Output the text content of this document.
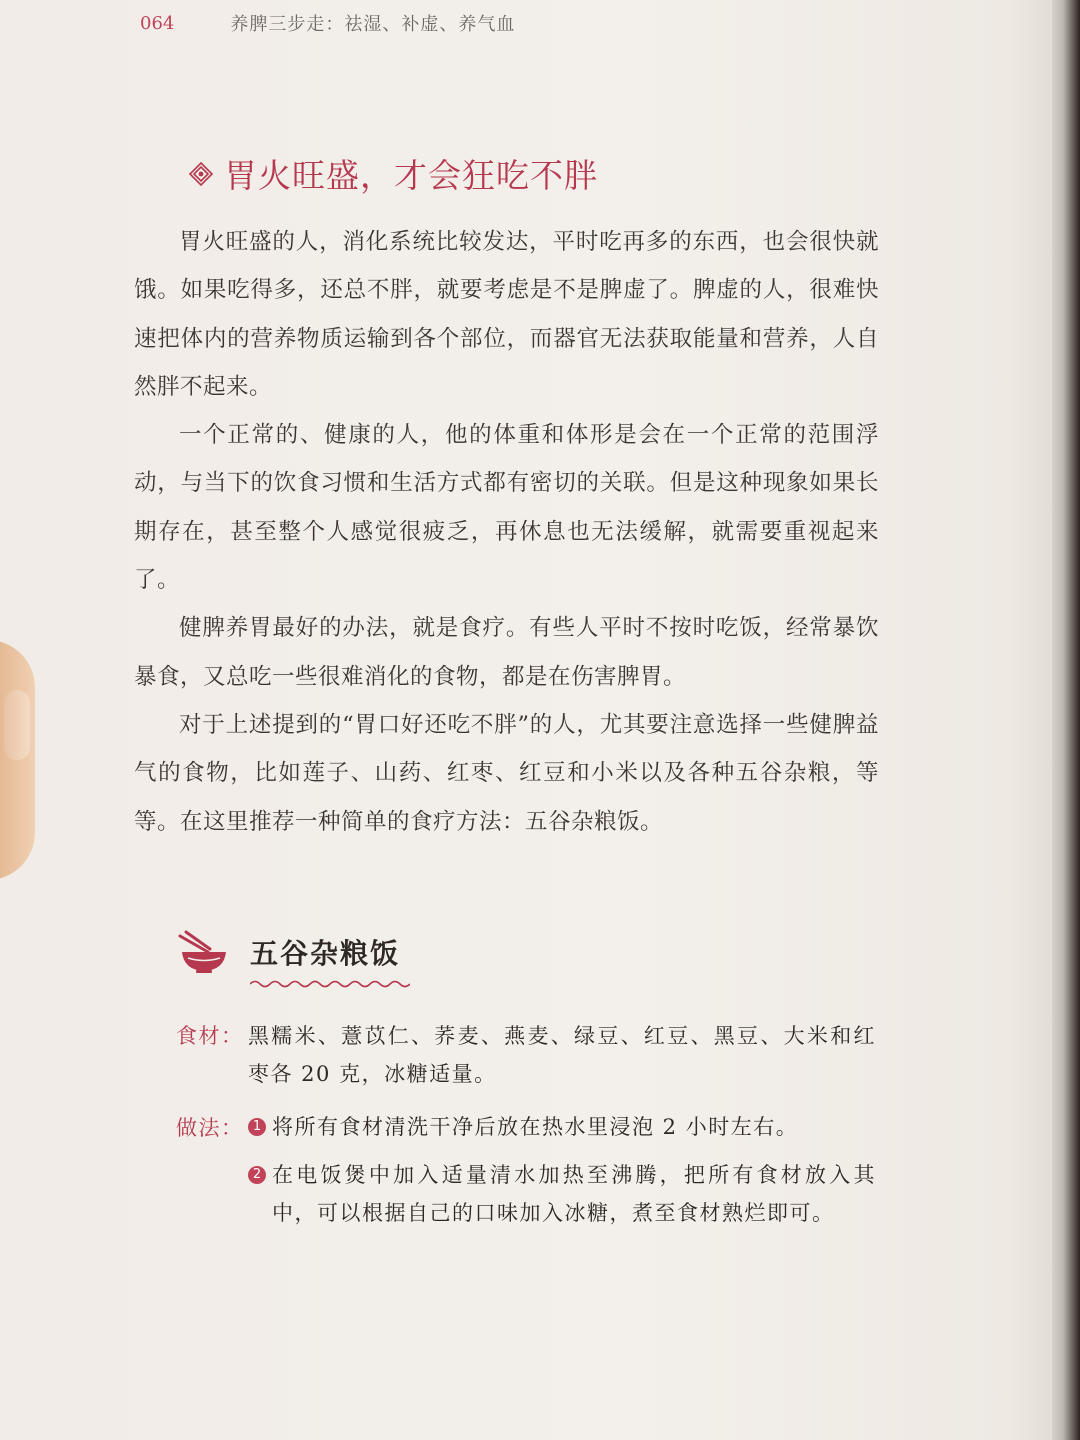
064	养脾三步走：祛湿、补虚、养气血
胃火旺盛，才会狂吃不胖

胃火旺盛的人，消化系统比较发达，平时吃再多的东西，也会很快就饿。如果吃得多，还总不胖，就要考虑是不是脾虚了。脾虚的人，很难快速把体内的营养物质运输到各个部位，而器官无法获取能量和营养，人自然胖不起来。

一个正常的、健康的人，他的体重和体形是会在一个正常的范围浮动，与当下的饮食习惯和生活方式都有密切的关联。但是这种现象如果长期存在，甚至整个人感觉很疲乏，再休息也无法缓解，就需要重视起来了。

健脾养胃最好的办法，就是食疗。有些人平时不按时吃饭，经常暴饮暴食，又总吃一些很难消化的食物，都是在伤害脾胃。

对于上述提到的“胃口好还吃不胖”的人，尤其要注意选择一些健脾益气的食物，比如莲子、山药、红枣、红豆和小米以及各种五谷杂粮，等等。在这里推荐一种简单的食疗方法：五谷杂粮饭。

五谷杂粮饭
食材： 黑糯米、薏苡仁、荞麦、燕麦、绿豆、红豆、黑豆、大米和红枣各 20 克，冰糖适量。
做法： 1 将所有食材清洗干净后放在热水里浸泡 2 小时左右。
2 在电饭煲中加入适量清水加热至沸腾，把所有食材放入其中，可以根据自己的口味加入冰糖，煮至食材熟烂即可。
